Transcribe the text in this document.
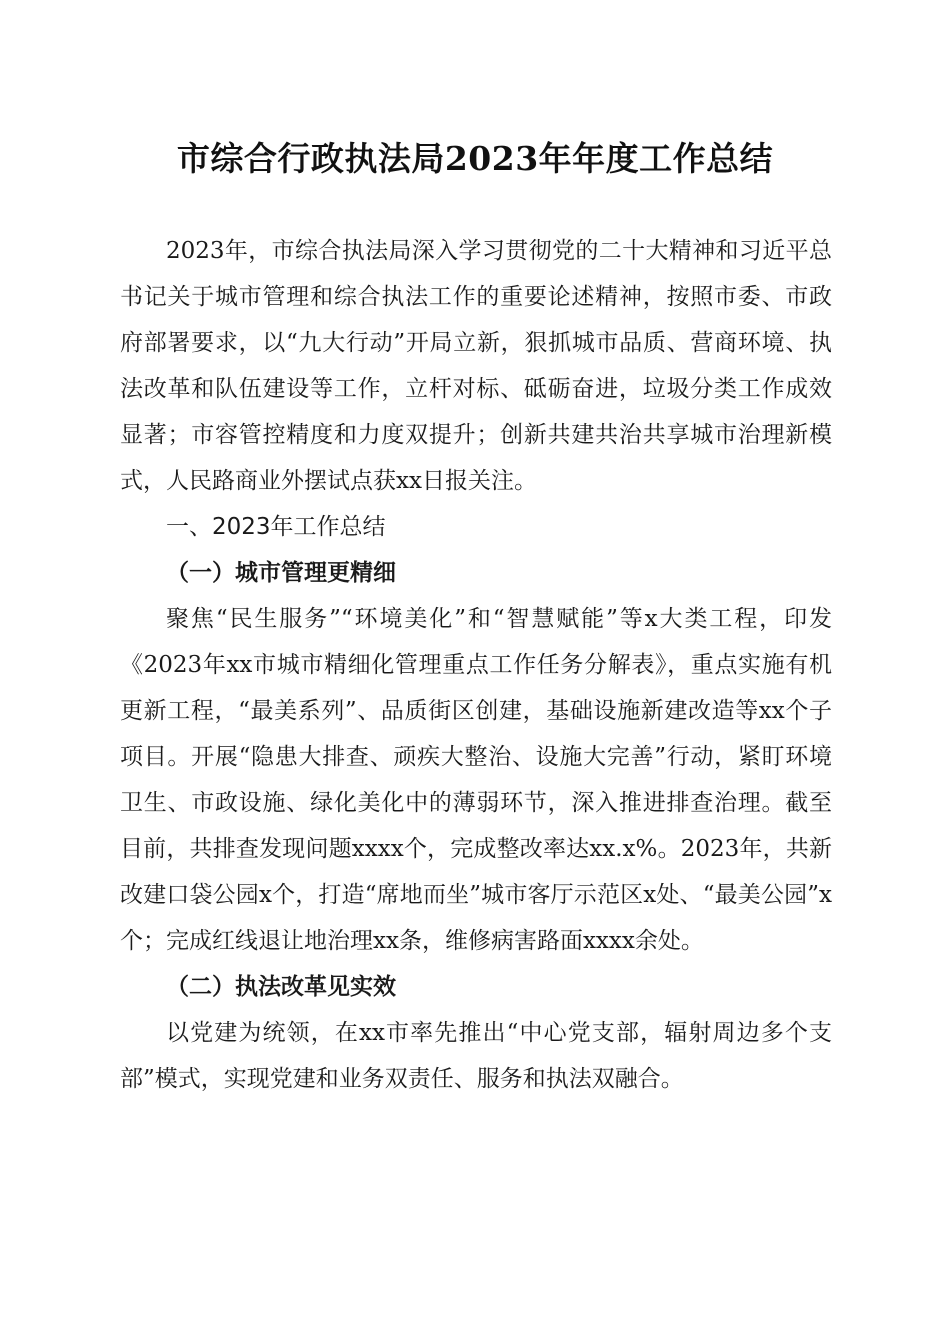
市综合行政执法局2023年年度工作总结

2023年，市综合执法局深入学习贯彻党的二十大精神和习近平总书记关于城市管理和综合执法工作的重要论述精神，按照市委、市政府部署要求，以“九大行动”开局立新，狠抓城市品质、营商环境、执法改革和队伍建设等工作，立杆对标、砥砺奋进，垃圾分类工作成效显著；市容管控精度和力度双提升；创新共建共治共享城市治理新模式，人民路商业外摆试点获xx日报关注。

一、2023年工作总结

（一）城市管理更精细

聚焦“民生服务”“环境美化”和“智慧赋能”等x大类工程，印发《2023年xx市城市精细化管理重点工作任务分解表》，重点实施有机更新工程，“最美系列”、品质街区创建，基础设施新建改造等xx个子项目。开展“隐患大排查、顽疾大整治、设施大完善”行动，紧盯环境卫生、市政设施、绿化美化中的薄弱环节，深入推进排查治理。截至目前，共排查发现问题xxxx个，完成整改率达xx.x%。2023年，共新改建口袋公园x个，打造“席地而坐”城市客厅示范区x处、“最美公园”x个；完成红线退让地治理xx条，维修病害路面xxxx余处。

（二）执法改革见实效

以党建为统领，在xx市率先推出“中心党支部，辐射周边多个支部”模式，实现党建和业务双责任、服务和执法双融合。
